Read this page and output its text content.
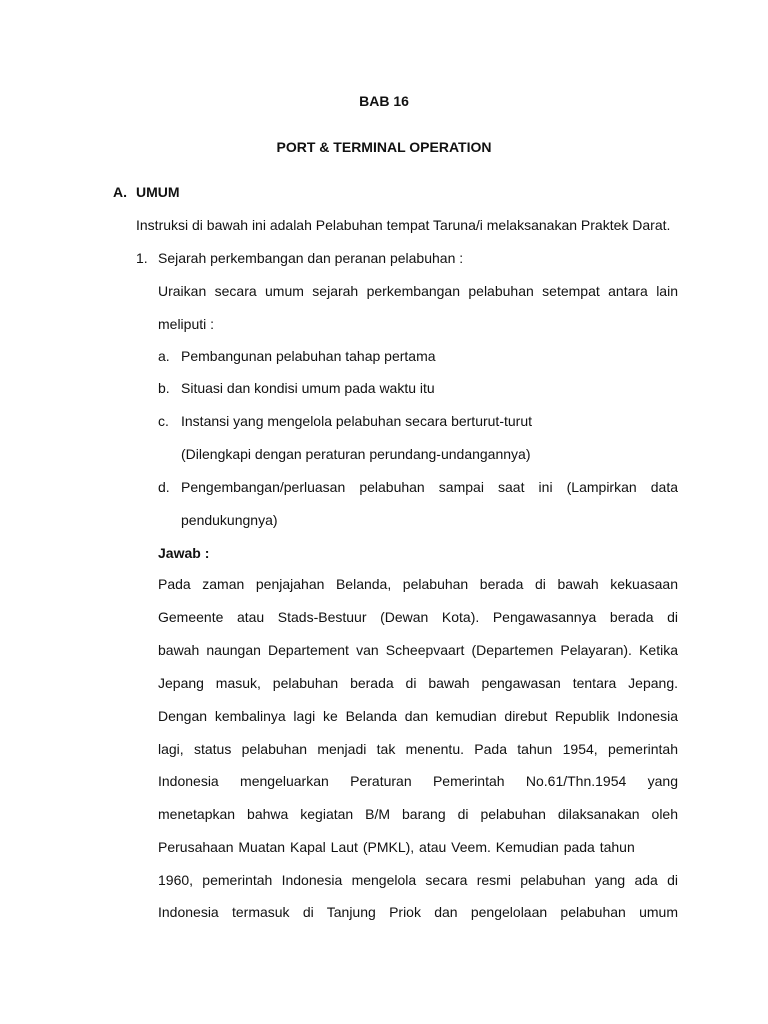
BAB 16
PORT & TERMINAL OPERATION
A. UMUM
Instruksi di bawah ini adalah Pelabuhan tempat Taruna/i melaksanakan Praktek Darat.
1. Sejarah perkembangan dan peranan pelabuhan :
Uraikan secara umum sejarah perkembangan pelabuhan setempat antara lain
meliputi :
a. Pembangunan pelabuhan tahap pertama
b. Situasi dan kondisi umum pada waktu itu
c. Instansi yang mengelola pelabuhan secara berturut-turut
(Dilengkapi dengan peraturan perundang-undangannya)
d. Pengembangan/perluasan pelabuhan sampai saat ini (Lampirkan data
pendukungnya)
Jawab :
Pada zaman penjajahan Belanda, pelabuhan berada di bawah kekuasaan
Gemeente atau Stads-Bestuur (Dewan Kota). Pengawasannya berada di
bawah naungan Departement van Scheepvaart (Departemen Pelayaran). Ketika
Jepang masuk, pelabuhan berada di bawah pengawasan tentara Jepang.
Dengan kembalinya lagi ke Belanda dan kemudian direbut Republik Indonesia
lagi, status pelabuhan menjadi tak menentu. Pada tahun 1954, pemerintah
Indonesia mengeluarkan Peraturan Pemerintah No.61/Thn.1954 yang
menetapkan bahwa kegiatan B/M barang di pelabuhan dilaksanakan oleh
Perusahaan Muatan Kapal Laut (PMKL), atau Veem. Kemudian pada tahun
1960, pemerintah Indonesia mengelola secara resmi pelabuhan yang ada di
Indonesia termasuk di Tanjung Priok dan pengelolaan pelabuhan umum
